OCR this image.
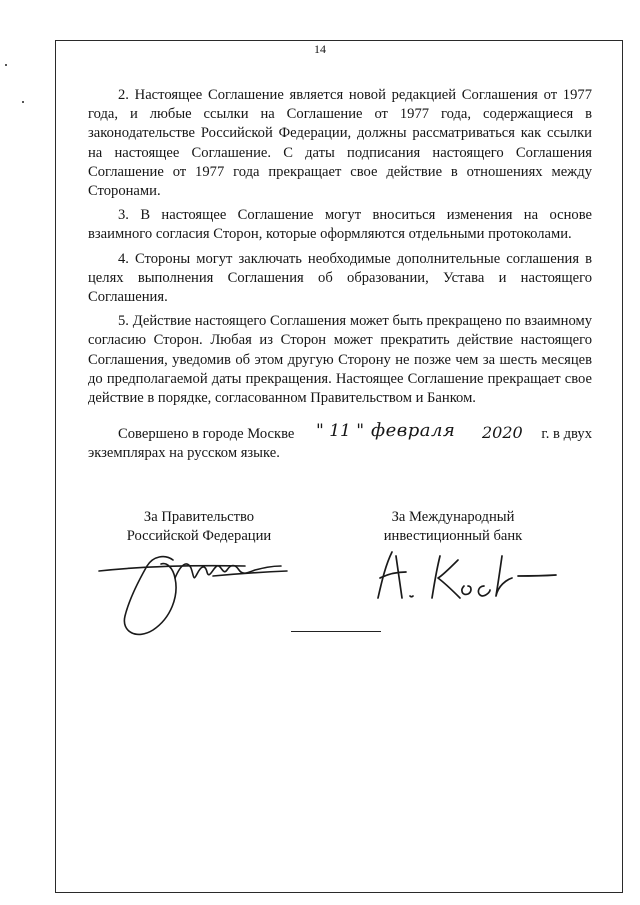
14

2. Настоящее Соглашение является новой редакцией Соглашения от 1977 года, и любые ссылки на Соглашение от 1977 года, содержащиеся в законодательстве Российской Федерации, должны рассматриваться как ссылки на настоящее Соглашение. С даты подписания настоящего Соглашения Соглашение от 1977 года прекращает свое действие в отношениях между Сторонами.

3. В настоящее Соглашение могут вноситься изменения на основе взаимного согласия Сторон, которые оформляются отдельными протоколами.

4. Стороны могут заключать необходимые дополнительные соглашения в целях выполнения Соглашения об образовании, Устава и настоящего Соглашения.

5. Действие настоящего Соглашения может быть прекращено по взаимному согласию Сторон. Любая из Сторон может прекратить действие настоящего Соглашения, уведомив об этом другую Сторону не позже чем за шесть месяцев до предполагаемой даты прекращения. Настоящее Соглашение прекращает свое действие в порядке, согласованном Правительством и Банком.

Совершено в городе Москве " 11 " февраля 2020 г. в двух
экземплярах на русском языке.
За Правительство
Российской Федерации
За Международный
инвестиционный банк
